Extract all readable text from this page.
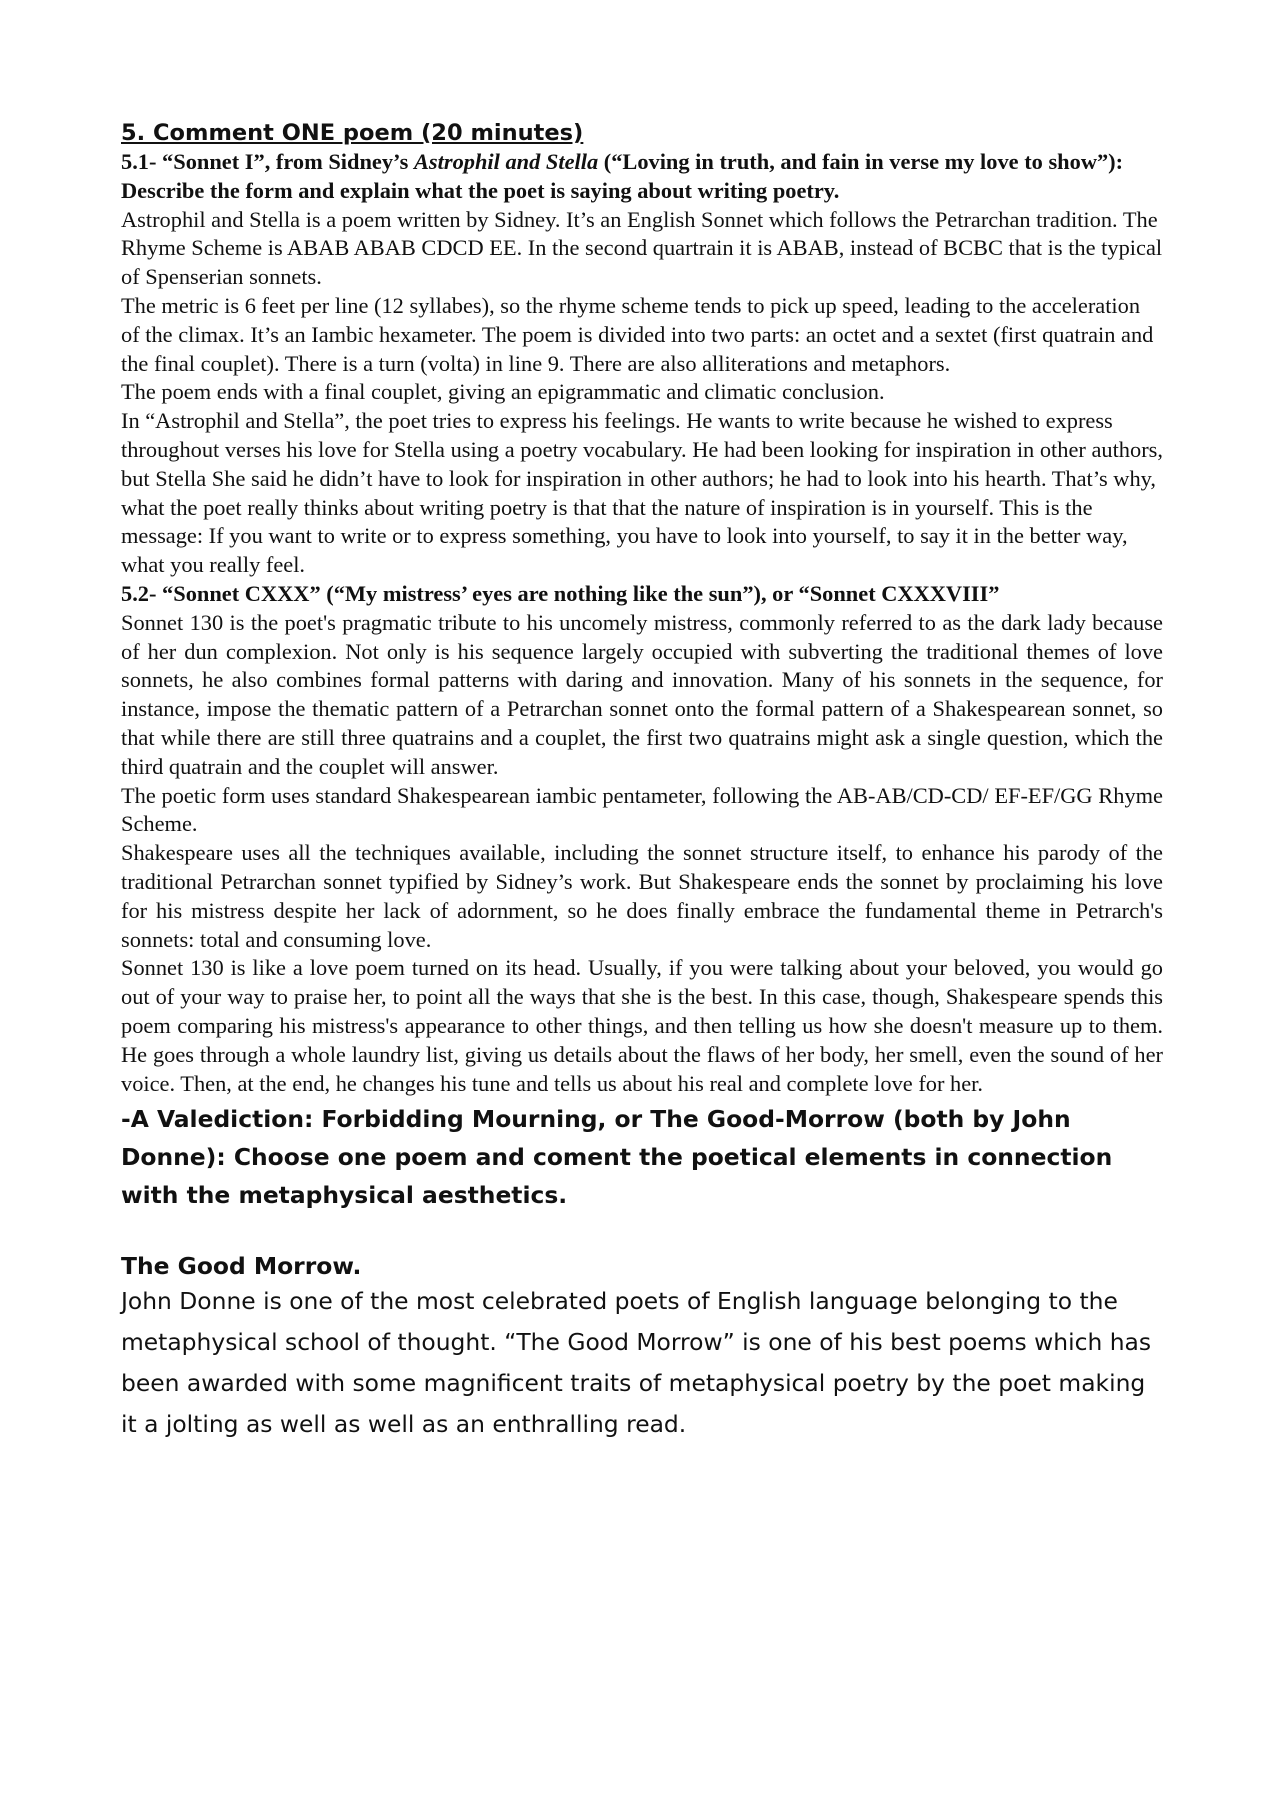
5. Comment ONE poem (20 minutes)

5.1- “Sonnet I”, from Sidney’s Astrophil and Stella (“Loving in truth, and fain in verse my love to show”): Describe the form and explain what the poet is saying about writing poetry.

Astrophil and Stella is a poem written by Sidney. It’s an English Sonnet which follows the Petrarchan tradition. The Rhyme Scheme is ABAB ABAB CDCD EE. In the second quartrain it is ABAB, instead of BCBC that is the typical of Spenserian sonnets.

The metric is 6 feet per line (12 syllabes), so the rhyme scheme tends to pick up speed, leading to the acceleration of the climax. It’s an Iambic hexameter. The poem is divided into two parts: an octet and a sextet (first quatrain and the final couplet). There is a turn (volta) in line 9. There are also alliterations and metaphors.

The poem ends with a final couplet, giving an epigrammatic and climatic conclusion.

In “Astrophil and Stella”, the poet tries to express his feelings. He wants to write because he wished to express throughout verses his love for Stella using a poetry vocabulary. He had been looking for inspiration in other authors, but Stella She said he didn’t have to look for inspiration in other authors; he had to look into his hearth. That’s why, what the poet really thinks about writing poetry is that that the nature of inspiration is in yourself. This is the message: If you want to write or to express something, you have to look into yourself, to say it in the better way, what you really feel.

5.2- “Sonnet CXXX” (“My mistress’ eyes are nothing like the sun”), or “Sonnet CXXXVIII”

Sonnet 130 is the poet's pragmatic tribute to his uncomely mistress, commonly referred to as the dark lady because of her dun complexion. Not only is his sequence largely occupied with subverting the traditional themes of love sonnets, he also combines formal patterns with daring and innovation. Many of his sonnets in the sequence, for instance, impose the thematic pattern of a Petrarchan sonnet onto the formal pattern of a Shakespearean sonnet, so that while there are still three quatrains and a couplet, the first two quatrains might ask a single question, which the third quatrain and the couplet will answer.

The poetic form uses standard Shakespearean iambic pentameter, following the AB-AB/CD-CD/ EF-EF/GG Rhyme Scheme.

Shakespeare uses all the techniques available, including the sonnet structure itself, to enhance his parody of the traditional Petrarchan sonnet typified by Sidney’s work. But Shakespeare ends the sonnet by proclaiming his love for his mistress despite her lack of adornment, so he does finally embrace the fundamental theme in Petrarch's sonnets: total and consuming love.

Sonnet 130 is like a love poem turned on its head. Usually, if you were talking about your beloved, you would go out of your way to praise her, to point all the ways that she is the best. In this case, though, Shakespeare spends this poem comparing his mistress's appearance to other things, and then telling us how she doesn't measure up to them. He goes through a whole laundry list, giving us details about the flaws of her body, her smell, even the sound of her voice. Then, at the end, he changes his tune and tells us about his real and complete love for her.

-A Valediction: Forbidding Mourning, or The Good-Morrow (both by John Donne): Choose one poem and coment the poetical elements in connection with the metaphysical aesthetics.

The Good Morrow.

John Donne is one of the most celebrated poets of English language belonging to the metaphysical school of thought. “The Good Morrow” is one of his best poems which has been awarded with some magnificent traits of metaphysical poetry by the poet making it a jolting as well as well as an enthralling read.
